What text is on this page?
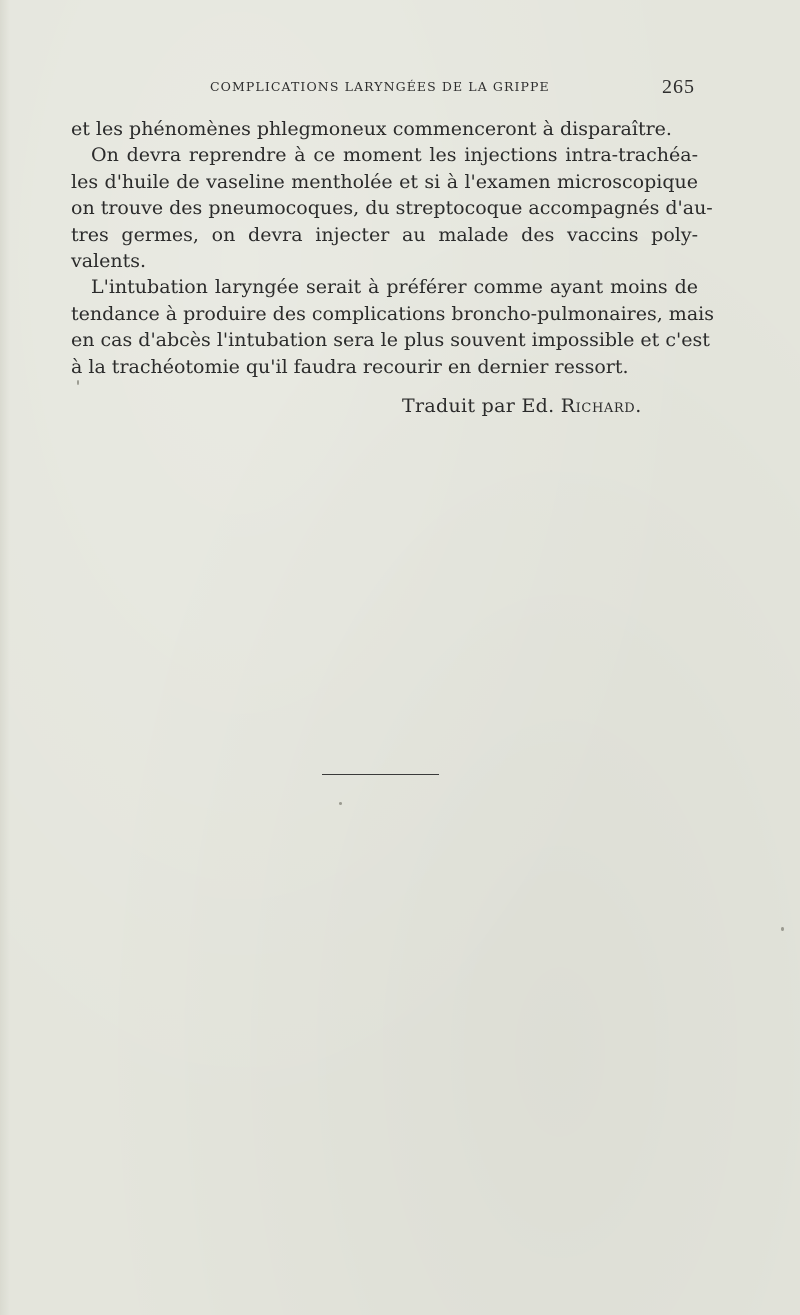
COMPLICATIONS LARYNGÉES DE LA GRIPPE	265
et les phénomènes phlegmoneux commenceront à disparaître.
On devra reprendre à ce moment les injections intra-trachéa-
les d'huile de vaseline mentholée et si à l'examen microscopique
on trouve des pneumocoques, du streptocoque accompagnés d'au-
tres germes, on devra injecter au malade des vaccins poly-
valents.
L'intubation laryngée serait à préférer comme ayant moins de
tendance à produire des complications broncho-pulmonaires, mais
en cas d'abcès l'intubation sera le plus souvent impossible et c'est
à la trachéotomie qu'il faudra recourir en dernier ressort.
Traduit par Ed. Richard.
